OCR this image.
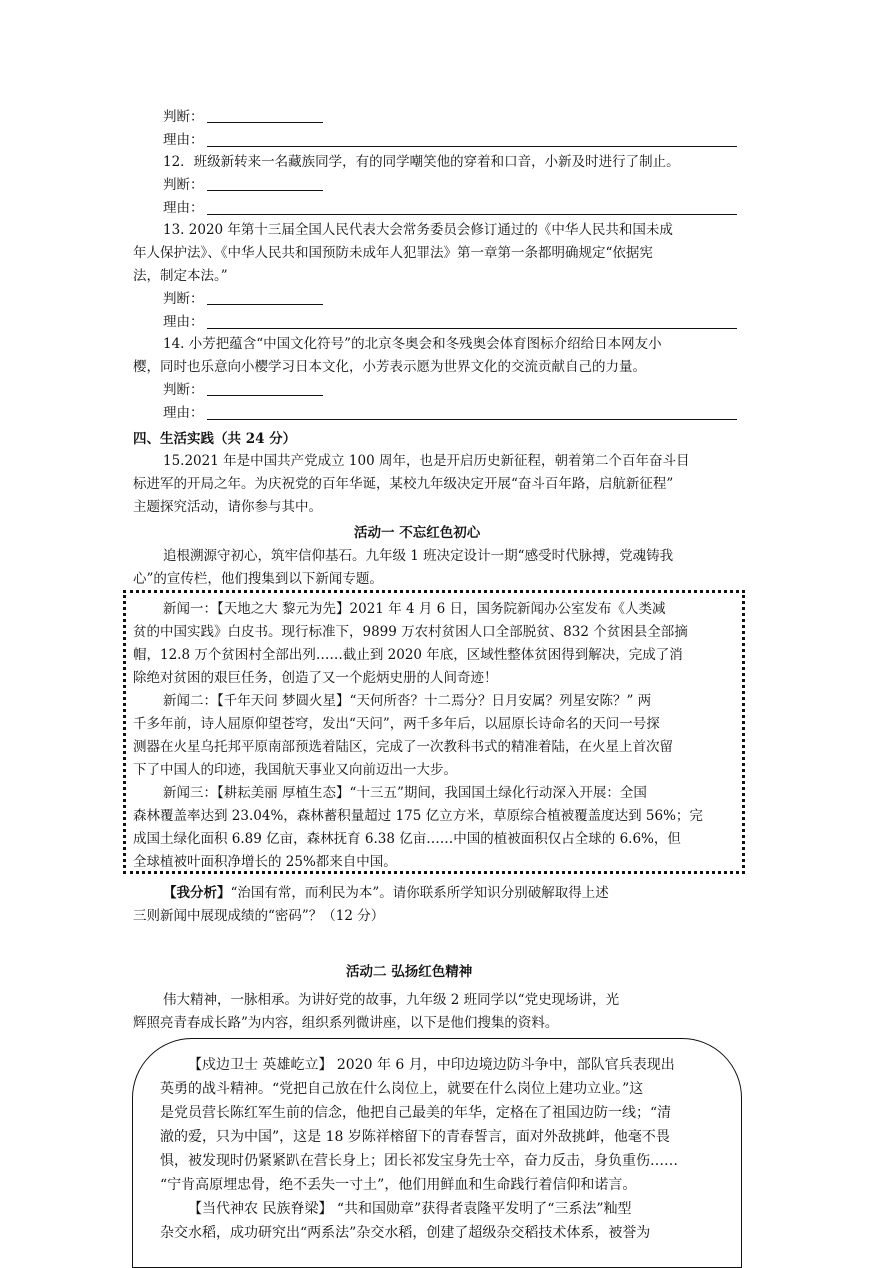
判断：
理由：
12．班级新转来一名藏族同学，有的同学嘲笑他的穿着和口音，小新及时进行了制止。
判断：
理由：
13. 2020 年第十三届全国人民代表大会常务委员会修订通过的《中华人民共和国未成
年人保护法》、《中华人民共和国预防未成年人犯罪法》第一章第一条都明确规定“依据宪
法，制定本法。”
判断：
理由：
14. 小芳把蕴含“中国文化符号”的北京冬奥会和冬残奥会体育图标介绍给日本网友小
樱，同时也乐意向小樱学习日本文化，小芳表示愿为世界文化的交流贡献自己的力量。
判断：
理由：
四、生活实践（共 24 分）
15.2021 年是中国共产党成立 100 周年，也是开启历史新征程，朝着第二个百年奋斗目
标进军的开局之年。为庆祝党的百年华诞，某校九年级决定开展“奋斗百年路，启航新征程”
主题探究活动，请你参与其中。
活动一 不忘红色初心
追根溯源守初心，筑牢信仰基石。九年级 1 班决定设计一期“感受时代脉搏，党魂铸我
心”的宣传栏，他们搜集到以下新闻专题。
新闻一：【天地之大 黎元为先】2021 年 4 月 6 日，国务院新闻办公室发布《人类减
贫的中国实践》白皮书。现行标准下，9899 万农村贫困人口全部脱贫、832 个贫困县全部摘
帽，12.8 万个贫困村全部出列……截止到 2020 年底，区域性整体贫困得到解决，完成了消
除绝对贫困的艰巨任务，创造了又一个彪炳史册的人间奇迹！
新闻二：【千年天问 梦圆火星】“天何所沓？十二焉分？日月安属？列星安陈？” 两
千多年前，诗人屈原仰望苍穹，发出“天问”，两千多年后，以屈原长诗命名的天问一号探
测器在火星乌托邦平原南部预选着陆区，完成了一次教科书式的精准着陆，在火星上首次留
下了中国人的印迹，我国航天事业又向前迈出一大步。
新闻三：【耕耘美丽 厚植生态】“十三五”期间，我国国土绿化行动深入开展：全国
森林覆盖率达到 23.04%，森林蓄积量超过 175 亿立方米，草原综合植被覆盖度达到 56%；完
成国土绿化面积 6.89 亿亩，森林抚育 6.38 亿亩……中国的植被面积仅占全球的 6.6%，但
全球植被叶面积净增长的 25%都来自中国。
【我分析】“治国有常，而利民为本”。请你联系所学知识分别破解取得上述
三则新闻中展现成绩的“密码”？（12 分）
活动二 弘扬红色精神
伟大精神，一脉相承。为讲好党的故事，九年级 2 班同学以“党史现场讲，光
辉照亮青春成长路”为内容，组织系列微讲座，以下是他们搜集的资料。
【戍边卫士 英雄屹立】 2020 年 6 月，中印边境边防斗争中，部队官兵表现出
英勇的战斗精神。“党把自己放在什么岗位上，就要在什么岗位上建功立业。”这
是党员营长陈红军生前的信念，他把自己最美的年华，定格在了祖国边防一线；“清
澈的爱，只为中国”，这是 18 岁陈祥榕留下的青春誓言，面对外敌挑衅，他毫不畏
惧，被发现时仍紧紧趴在营长身上；团长祁发宝身先士卒，奋力反击，身负重伤……
“宁肯高原埋忠骨，绝不丢失一寸土”，他们用鲜血和生命践行着信仰和诺言。
【当代神农 民族脊梁】 “共和国勋章”获得者袁隆平发明了“三系法”籼型
杂交水稻，成功研究出“两系法”杂交水稻，创建了超级杂交稻技术体系，被誉为
